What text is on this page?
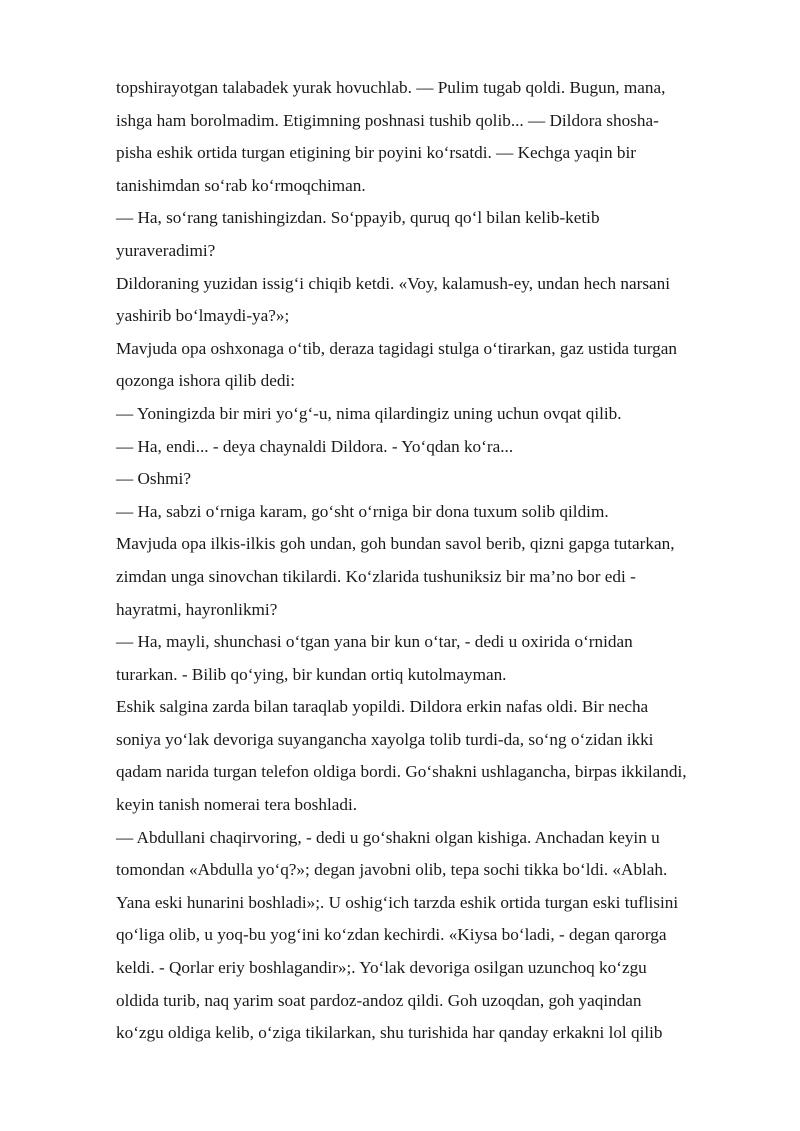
topshirayotgan talabadek yurak hovuchlab. — Pulim tugab qoldi. Bugun, mana,
ishga ham borolmadim. Etigimning poshnasi tushib qolib... — Dildora shosha-
pisha eshik ortida turgan etigining bir poyini ko‘rsatdi. — Kechga yaqin bir
tanishimdan so‘rab ko‘rmoqchiman.
— Ha, so‘rang tanishingizdan. So‘ppayib, quruq qo‘l bilan kelib-ketib
yuraveradimi?
Dildoraning yuzidan issig‘i chiqib ketdi. «Voy, kalamush-ey, undan hech narsani
yashirib bo‘lmaydi-ya?»;
Mavjuda opa oshxonaga o‘tib, deraza tagidagi stulga o‘tirarkan, gaz ustida turgan
qozonga ishora qilib dedi:
— Yoningizda bir miri yo‘g‘-u, nima qilardingiz uning uchun ovqat qilib.
— Ha, endi... - deya chaynaldi Dildora. - Yo‘qdan ko‘ra...
— Oshmi?
— Ha, sabzi o‘rniga karam, go‘sht o‘rniga bir dona tuxum solib qildim.
Mavjuda opa ilkis-ilkis goh undan, goh bundan savol berib, qizni gapga tutarkan,
zimdan unga sinovchan tikilardi. Ko‘zlarida tushuniksiz bir ma’no bor edi -
hayratmi, hayronlikmi?
— Ha, mayli, shunchasi o‘tgan yana bir kun o‘tar, - dedi u oxirida o‘rnidan
turarkan. - Bilib qo‘ying, bir kundan ortiq kutolmayman.
Eshik salgina zarda bilan taraqlab yopildi. Dildora erkin nafas oldi. Bir necha
soniya yo‘lak devoriga suyangancha xayolga tolib turdi-da, so‘ng o‘zidan ikki
qadam narida turgan telefon oldiga bordi. Go‘shakni ushlagancha, birpas ikkilandi,
keyin tanish nomerai tera boshladi.
— Abdullani chaqirvoring, - dedi u go‘shakni olgan kishiga. Anchadan keyin u
tomondan «Abdulla yo‘q?»; degan javobni olib, tepa sochi tikka bo‘ldi. «Ablah.
Yana eski hunarini boshladi»;. U oshig‘ich tarzda eshik ortida turgan eski tuflisini
qo‘liga olib, u yoq-bu yog‘ini ko‘zdan kechirdi. «Kiysa bo‘ladi, - degan qarorga
keldi. - Qorlar eriy boshlagandir»;. Yo‘lak devoriga osilgan uzunchoq ko‘zgu
oldida turib, naq yarim soat pardoz-andoz qildi. Goh uzoqdan, goh yaqindan
ko‘zgu oldiga kelib, o‘ziga tikilarkan, shu turishida har qanday erkakni lol qilib
